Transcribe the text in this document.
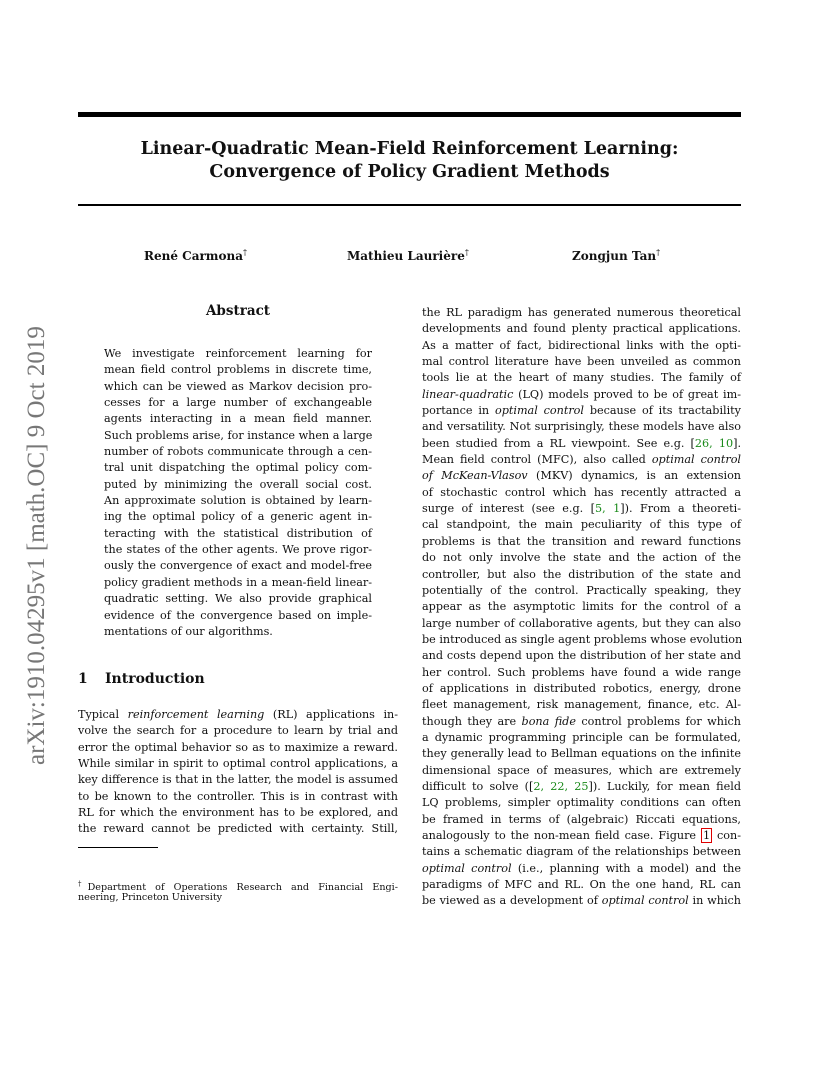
arXiv:1910.04295v1 [math.OC] 9 Oct 2019
Linear-Quadratic Mean-Field Reinforcement Learning:
Convergence of Policy Gradient Methods
René Carmona†	Mathieu Laurière†	Zongjun Tan†
Abstract
We investigate reinforcement learning for
mean field control problems in discrete time,
which can be viewed as Markov decision pro-
cesses for a large number of exchangeable
agents interacting in a mean field manner.
Such problems arise, for instance when a large
number of robots communicate through a cen-
tral unit dispatching the optimal policy com-
puted by minimizing the overall social cost.
An approximate solution is obtained by learn-
ing the optimal policy of a generic agent in-
teracting with the statistical distribution of
the states of the other agents. We prove rigor-
ously the convergence of exact and model-free
policy gradient methods in a mean-field linear-
quadratic setting. We also provide graphical
evidence of the convergence based on imple-
mentations of our algorithms.
1 Introduction
Typical reinforcement learning (RL) applications in-
volve the search for a procedure to learn by trial and
error the optimal behavior so as to maximize a reward.
While similar in spirit to optimal control applications, a
key difference is that in the latter, the model is assumed
to be known to the controller. This is in contrast with
RL for which the environment has to be explored, and
the reward cannot be predicted with certainty. Still,
†Department of Operations Research and Financial Engi-
neering, Princeton University
the RL paradigm has generated numerous theoretical
developments and found plenty practical applications.
As a matter of fact, bidirectional links with the opti-
mal control literature have been unveiled as common
tools lie at the heart of many studies. The family of
linear-quadratic (LQ) models proved to be of great im-
portance in optimal control because of its tractability
and versatility. Not surprisingly, these models have also
been studied from a RL viewpoint. See e.g. [26, 10].
Mean field control (MFC), also called optimal control
of McKean-Vlasov (MKV) dynamics, is an extension
of stochastic control which has recently attracted a
surge of interest (see e.g. [5, 1]). From a theoreti-
cal standpoint, the main peculiarity of this type of
problems is that the transition and reward functions
do not only involve the state and the action of the
controller, but also the distribution of the state and
potentially of the control. Practically speaking, they
appear as the asymptotic limits for the control of a
large number of collaborative agents, but they can also
be introduced as single agent problems whose evolution
and costs depend upon the distribution of her state and
her control. Such problems have found a wide range
of applications in distributed robotics, energy, drone
fleet management, risk management, finance, etc. Al-
though they are bona fide control problems for which
a dynamic programming principle can be formulated,
they generally lead to Bellman equations on the infinite
dimensional space of measures, which are extremely
difficult to solve ([2, 22, 25]). Luckily, for mean field
LQ problems, simpler optimality conditions can often
be framed in terms of (algebraic) Riccati equations,
analogously to the non-mean field case. Figure 1 con-
tains a schematic diagram of the relationships between
optimal control (i.e., planning with a model) and the
paradigms of MFC and RL. On the one hand, RL can
be viewed as a development of optimal control in which
